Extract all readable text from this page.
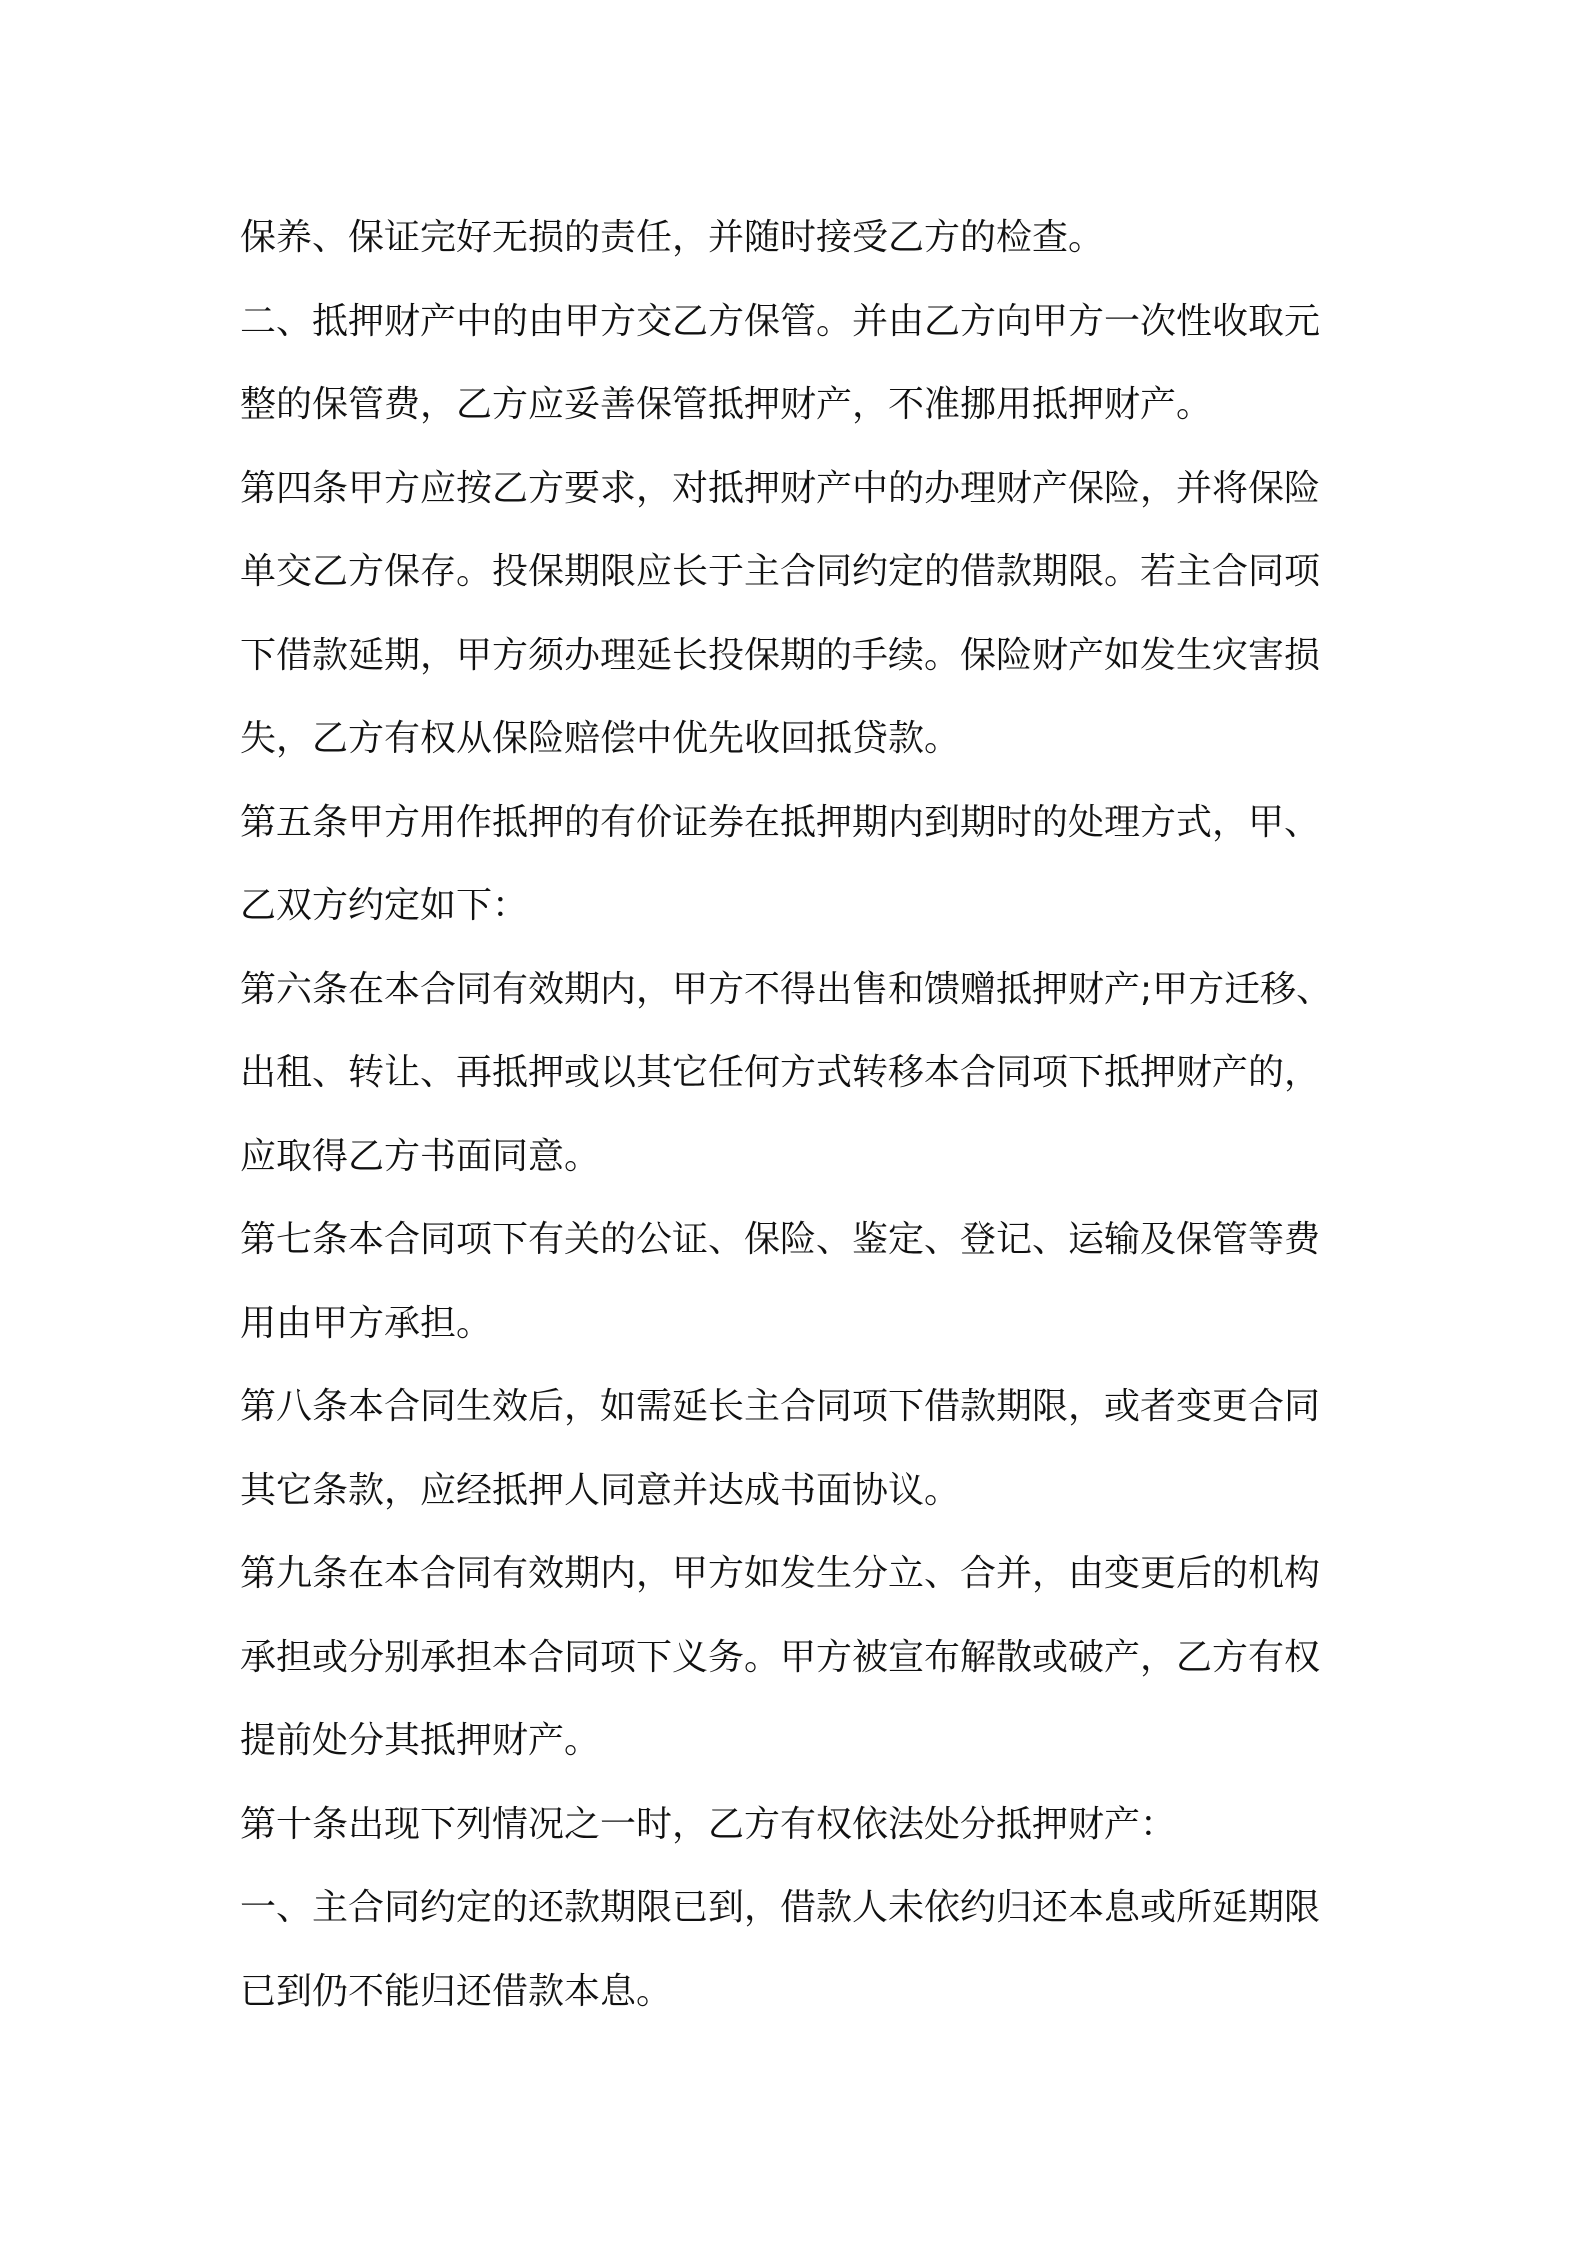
保养、保证完好无损的责任，并随时接受乙方的检查。

二、抵押财产中的由甲方交乙方保管。并由乙方向甲方一次性收取元
整的保管费，乙方应妥善保管抵押财产，不准挪用抵押财产。

第四条甲方应按乙方要求，对抵押财产中的办理财产保险，并将保险
单交乙方保存。投保期限应长于主合同约定的借款期限。若主合同项
下借款延期，甲方须办理延长投保期的手续。保险财产如发生灾害损
失，乙方有权从保险赔偿中优先收回抵贷款。

第五条甲方用作抵押的有价证券在抵押期内到期时的处理方式，甲、
乙双方约定如下：

第六条在本合同有效期内，甲方不得出售和馈赠抵押财产;甲方迁移、
出租、转让、再抵押或以其它任何方式转移本合同项下抵押财产的，
应取得乙方书面同意。

第七条本合同项下有关的公证、保险、鉴定、登记、运输及保管等费
用由甲方承担。

第八条本合同生效后，如需延长主合同项下借款期限，或者变更合同
其它条款，应经抵押人同意并达成书面协议。

第九条在本合同有效期内，甲方如发生分立、合并，由变更后的机构
承担或分别承担本合同项下义务。甲方被宣布解散或破产，乙方有权
提前处分其抵押财产。

第十条出现下列情况之一时，乙方有权依法处分抵押财产：

一、主合同约定的还款期限已到，借款人未依约归还本息或所延期限
已到仍不能归还借款本息。
